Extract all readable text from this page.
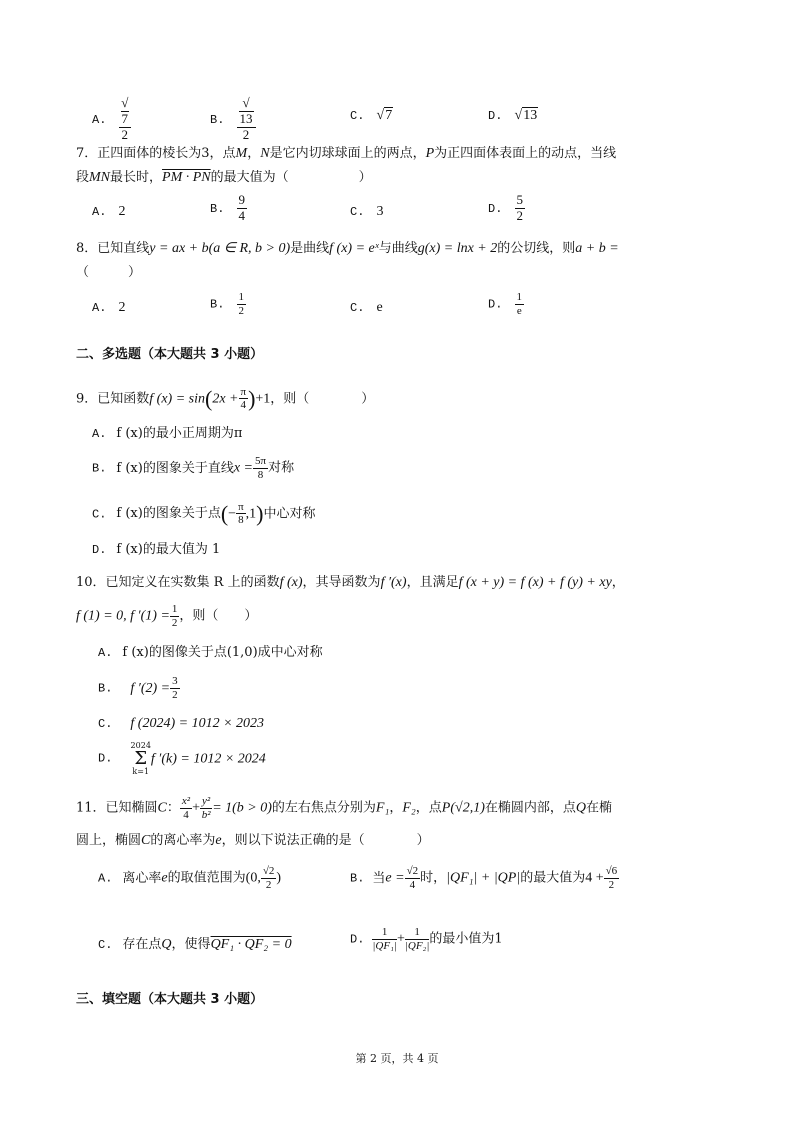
A. √
7
2	B. √
13
2	C. √7	D. √13
7．正四面体的棱长为3，点M，N是它内切球球面上的两点，P为正四面体表面上的动点，当线
段MN最长时，PM · PN的最大值为（	）
A. 2	B. $\frac{9}{4}$	C. 3	D. $\frac{5}{2}$
8．已知直线y = ax + b(a ∈ R, b > 0)是曲线f (x) = eˣ与曲线g(x) = lnx + 2的公切线，则a + b =
（　　　）
A. 2	B. $\frac{1}{2}$	C. e	D. $\frac{1}{e}$
二、多选题（本大题共 3 小题）
9．已知函数f $(x) = \sin(2x + \frac{\pi}{4} )+1$，则（　　　　）
A. f (x)的最小正周期为π
B. f (x)的图象关于直线$x = \frac{5\pi}{8}$ 对称
C. f (x)的图象关于点(− $\frac{\pi}{8} ,1$)中心对称
D. f (x)的最大值为 1
10．已知定义在实数集 R 上的函数f (x)，其导函数为f ′(x)，且满足f (x + y) = f (x) + f (y) + xy，
f (1) = 0, f $'(1) = \frac{1}{2}$ ，则（　　）
A. f (x)的图像关于点(1,0)成中心对称
B. f $'(2) = \frac{3}{2}$
C. f (2024) = 1012 × 2023
D.
2024
Σ
k=1
f ′(k) = 1012 × 2024
11．已知椭圆C： $\frac{\text{x²}}{4} + \frac{\text{y²}}{\text{b²}} = 1(b > 0)$的左右焦点分别为F₁，F₂，点P(√2,1)在椭圆内部，点Q在椭
圆上，椭圆C的离心率为e，则以下说法正确的是（　　　　）
A. 离心率e的取值范围为(0, $\frac{√2}{2}$ )	B. 当$e = \frac{√2}{4}$ 时，|QF₁| + |QP|的最大值为$4 + \frac{√6}{2}$
C. 存在点Q，使得QF₁ · QF₂ = 0	D. $\frac{1}{\text{|QF₁|}} + \frac{1}{\text{|QF₂|}}$ 的最小值为1
三、填空题（本大题共 3 小题）
第 2 页，共 4 页
